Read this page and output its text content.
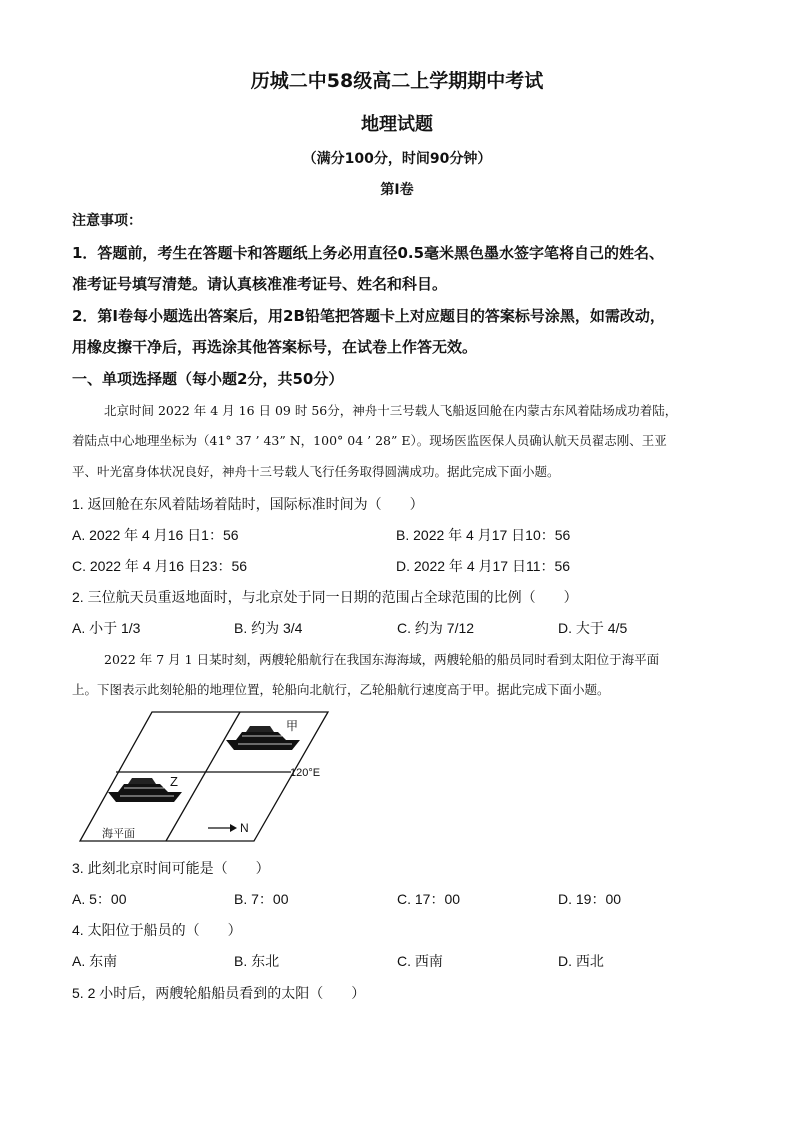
历城二中58级高二上学期期中考试
地理试题
（满分100分，时间90分钟）
第Ⅰ卷
注意事项：
1．答题前，考生在答题卡和答题纸上务必用直径0.5毫米黑色墨水签字笔将自己的姓名、
准考证号填写清楚。请认真核准准考证号、姓名和科目。
2．第Ⅰ卷每小题选出答案后，用2B铅笔把答题卡上对应题目的答案标号涂黑，如需改动，
用橡皮擦干净后，再选涂其他答案标号，在试卷上作答无效。
一、单项选择题（每小题2分，共50分）
北京时间 2022 年 4 月 16 日 09 时 56分，神舟十三号载人飞船返回舱在内蒙古东风着陆场成功着陆，
着陆点中心地理坐标为（41° 37 ’ 43” N，100° 04 ’ 28” E）。现场医监医保人员确认航天员翟志刚、王亚
平、叶光富身体状况良好，神舟十三号载人飞行任务取得圆满成功。据此完成下面小题。
1. 返回舱在东风着陆场着陆时，国际标准时间为（　　）
A. 2022 年 4 月16 日1：56	B. 2022 年 4 月17 日10：56
C. 2022 年 4 月16 日23：56	D. 2022 年 4 月17 日11：56
2. 三位航天员重返地面时，与北京处于同一日期的范围占全球范围的比例（　　）
A. 小于 1/3	B. 约为 3/4	C. 约为 7/12	D. 大于 4/5
2022 年 7 月 1 日某时刻，两艘轮船航行在我国东海海域，两艘轮船的船员同时看到太阳位于海平面
上。下图表示此刻轮船的地理位置，轮船向北航行，乙轮船航行速度高于甲。据此完成下面小题。
甲
Z
120°E
海平面	N
3. 此刻北京时间可能是（　　）
A. 5：00	B. 7：00	C. 17：00	D. 19：00
4. 太阳位于船员的（　　）
A. 东南	B. 东北	C. 西南	D. 西北
5. 2 小时后，两艘轮船船员看到的太阳（　　）
